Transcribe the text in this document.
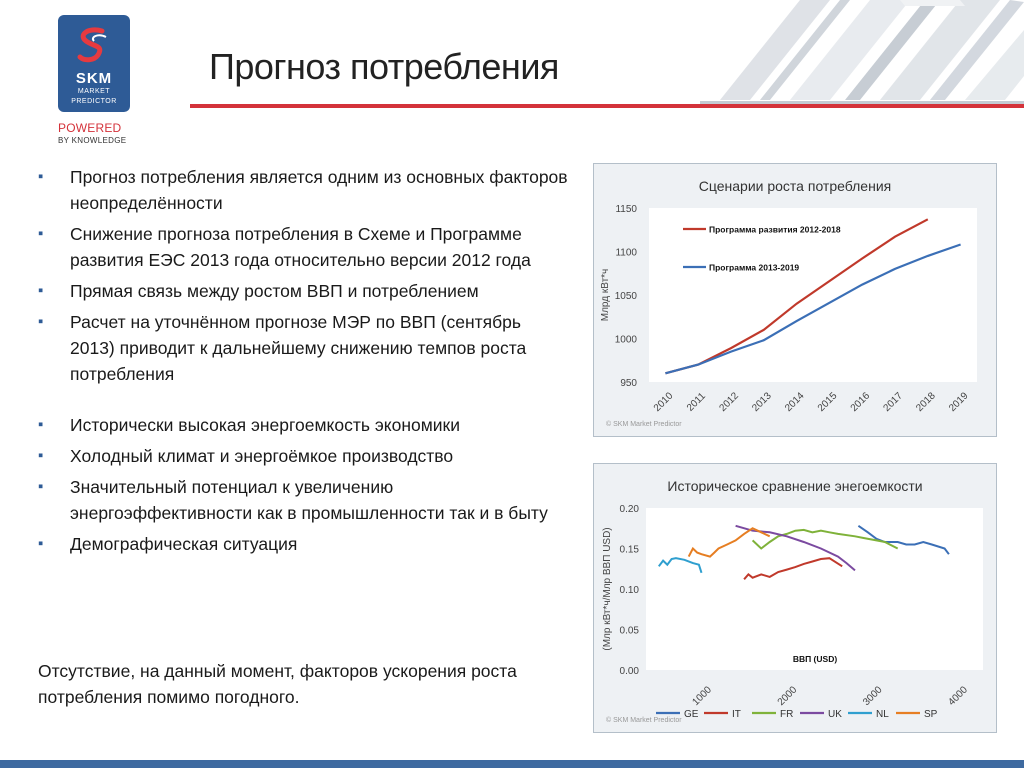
SKM
MARKET
PREDICTOR
POWERED
BY KNOWLEDGE
Прогноз потребления
▪ Прогноз потребления является одним из основных факторов неопределённости
▪ Снижение прогноза потребления в Схеме и Программе развития ЕЭС 2013 года относительно версии 2012 года
▪ Прямая связь между ростом ВВП и потреблением
▪ Расчет на уточнённом прогнозе МЭР по ВВП (сентябрь 2013) приводит к дальнейшему снижению темпов роста потребления
▪ Исторически высокая энергоемкость экономики
▪ Холодный климат и энергоёмкое производство
▪ Значительный потенциал к увеличению энергоэффективности как в промышленности так и в быту
▪ Демографическая ситуация
Отсутствие, на данный момент, факторов ускорения роста потребления помимо погодного.
Сценарии роста потребления
950
1000
1050
1100
1150
Млрд кВт*ч
2010 2011 2012 2013 2014 2015 2016 2017 2018 2019
Программа развития 2012-2018
Программа 2013-2019
© SKM Market Predictor
Историческое сравнение энегоемкости
0.00
0.05
0.10
0.15
0.20
(Млр кВт*ч/Млр ВВП USD)
1000	2000	3000	4000
ВВП (USD)
GE	IT	FR	UK	NL	SP
© SKM Market Predictor
